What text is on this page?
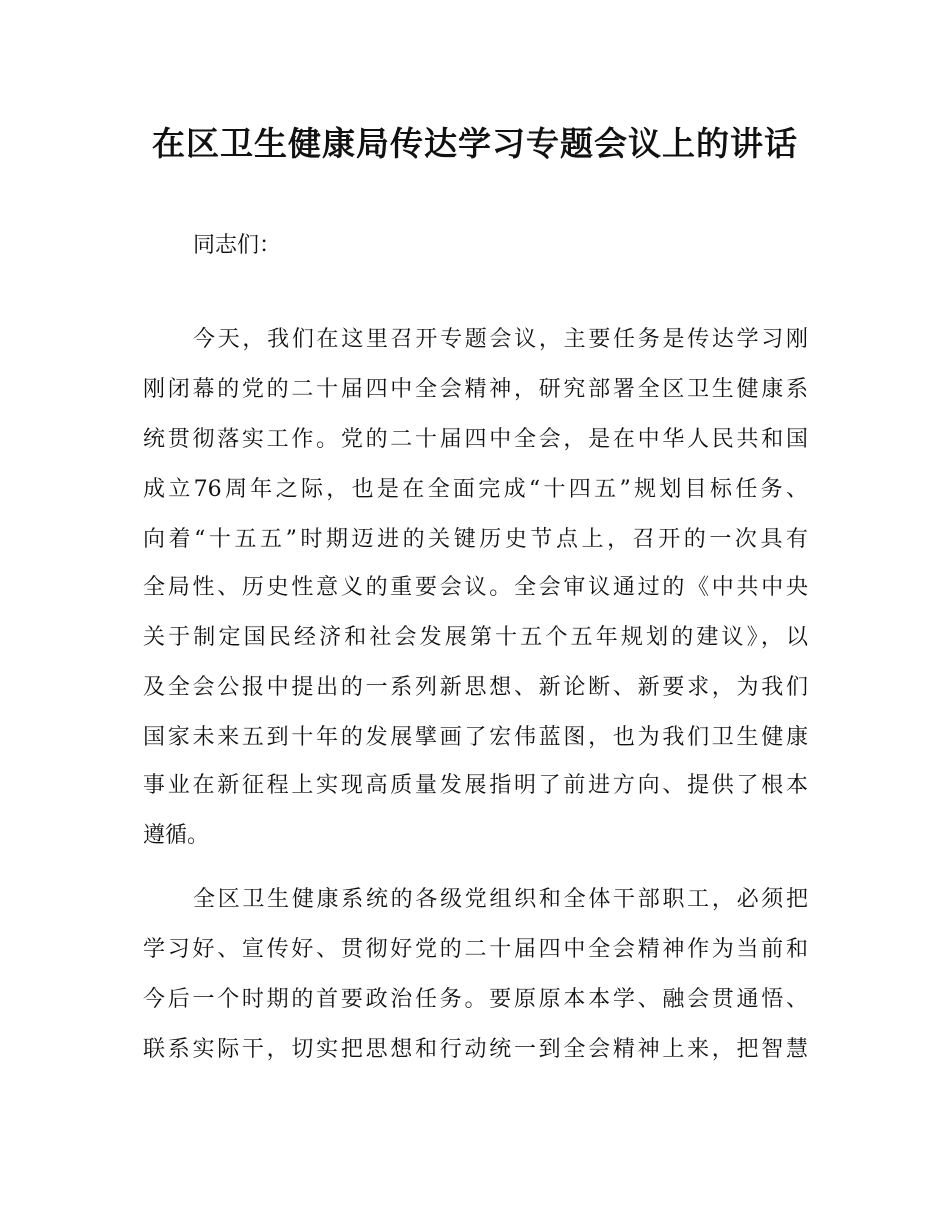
在区卫生健康局传达学习专题会议上的讲话
同志们：
今天，我们在这里召开专题会议，主要任务是传达学习刚
刚闭幕的党的二十届四中全会精神，研究部署全区卫生健康系
统贯彻落实工作。党的二十届四中全会，是在中华人民共和国
成立76周年之际，也是在全面完成“十四五”规划目标任务、
向着“十五五”时期迈进的关键历史节点上，召开的一次具有
全局性、历史性意义的重要会议。全会审议通过的《中共中央
关于制定国民经济和社会发展第十五个五年规划的建议》，以
及全会公报中提出的一系列新思想、新论断、新要求，为我们
国家未来五到十年的发展擘画了宏伟蓝图，也为我们卫生健康
事业在新征程上实现高质量发展指明了前进方向、提供了根本
遵循。
全区卫生健康系统的各级党组织和全体干部职工，必须把
学习好、宣传好、贯彻好党的二十届四中全会精神作为当前和
今后一个时期的首要政治任务。要原原本本学、融会贯通悟、
联系实际干，切实把思想和行动统一到全会精神上来，把智慧
